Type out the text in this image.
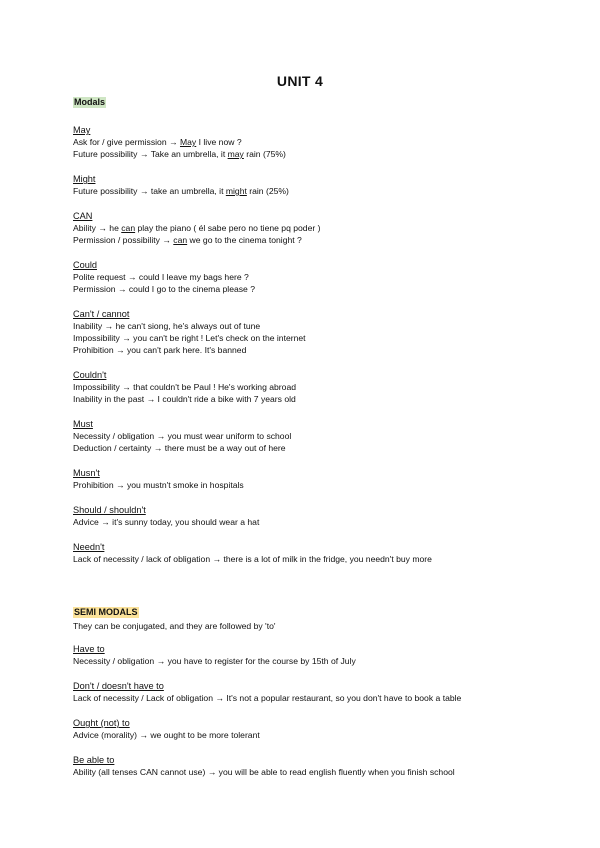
UNIT 4
Modals
May
Ask for / give permission → May I live now ?
Future possibility → Take an umbrella, it may rain (75%)
Might
Future possibility → take an umbrella, it might rain (25%)
CAN
Ability → he can play the piano ( él sabe pero no tiene pq poder )
Permission / possibility → can we go to the cinema tonight ?
Could
Polite request → could I leave my bags here ?
Permission → could I go to the cinema please ?
Can't / cannot
Inability → he can't siong, he's always out of tune
Impossibility → you can't be right ! Let's check on the internet
Prohibition → you can't park here. It's banned
Couldn't
Impossibility → that couldn't be Paul ! He's working abroad
Inability in the past → I couldn't ride a bike with 7 years old
Must
Necessity / obligation → you must wear uniform to school
Deduction / certainty → there must be a way out of here
Musn't
Prohibition → you mustn't smoke in hospitals
Should / shouldn't
Advice → it's sunny today, you should wear a hat
Needn't
Lack of necessity / lack of obligation → there is a lot of milk in the fridge, you needn't buy more
SEMI MODALS
They can be conjugated, and they are followed by 'to'
Have to
Necessity / obligation → you have to register for the course by 15th of July
Don't / doesn't have to
Lack of necessity / Lack of obligation → It's not a popular restaurant, so you don't have to book a table
Ought (not) to
Advice (morality) → we ought to be more tolerant
Be able to
Ability (all tenses CAN cannot use) → you will be able to read english fluently when you finish school
